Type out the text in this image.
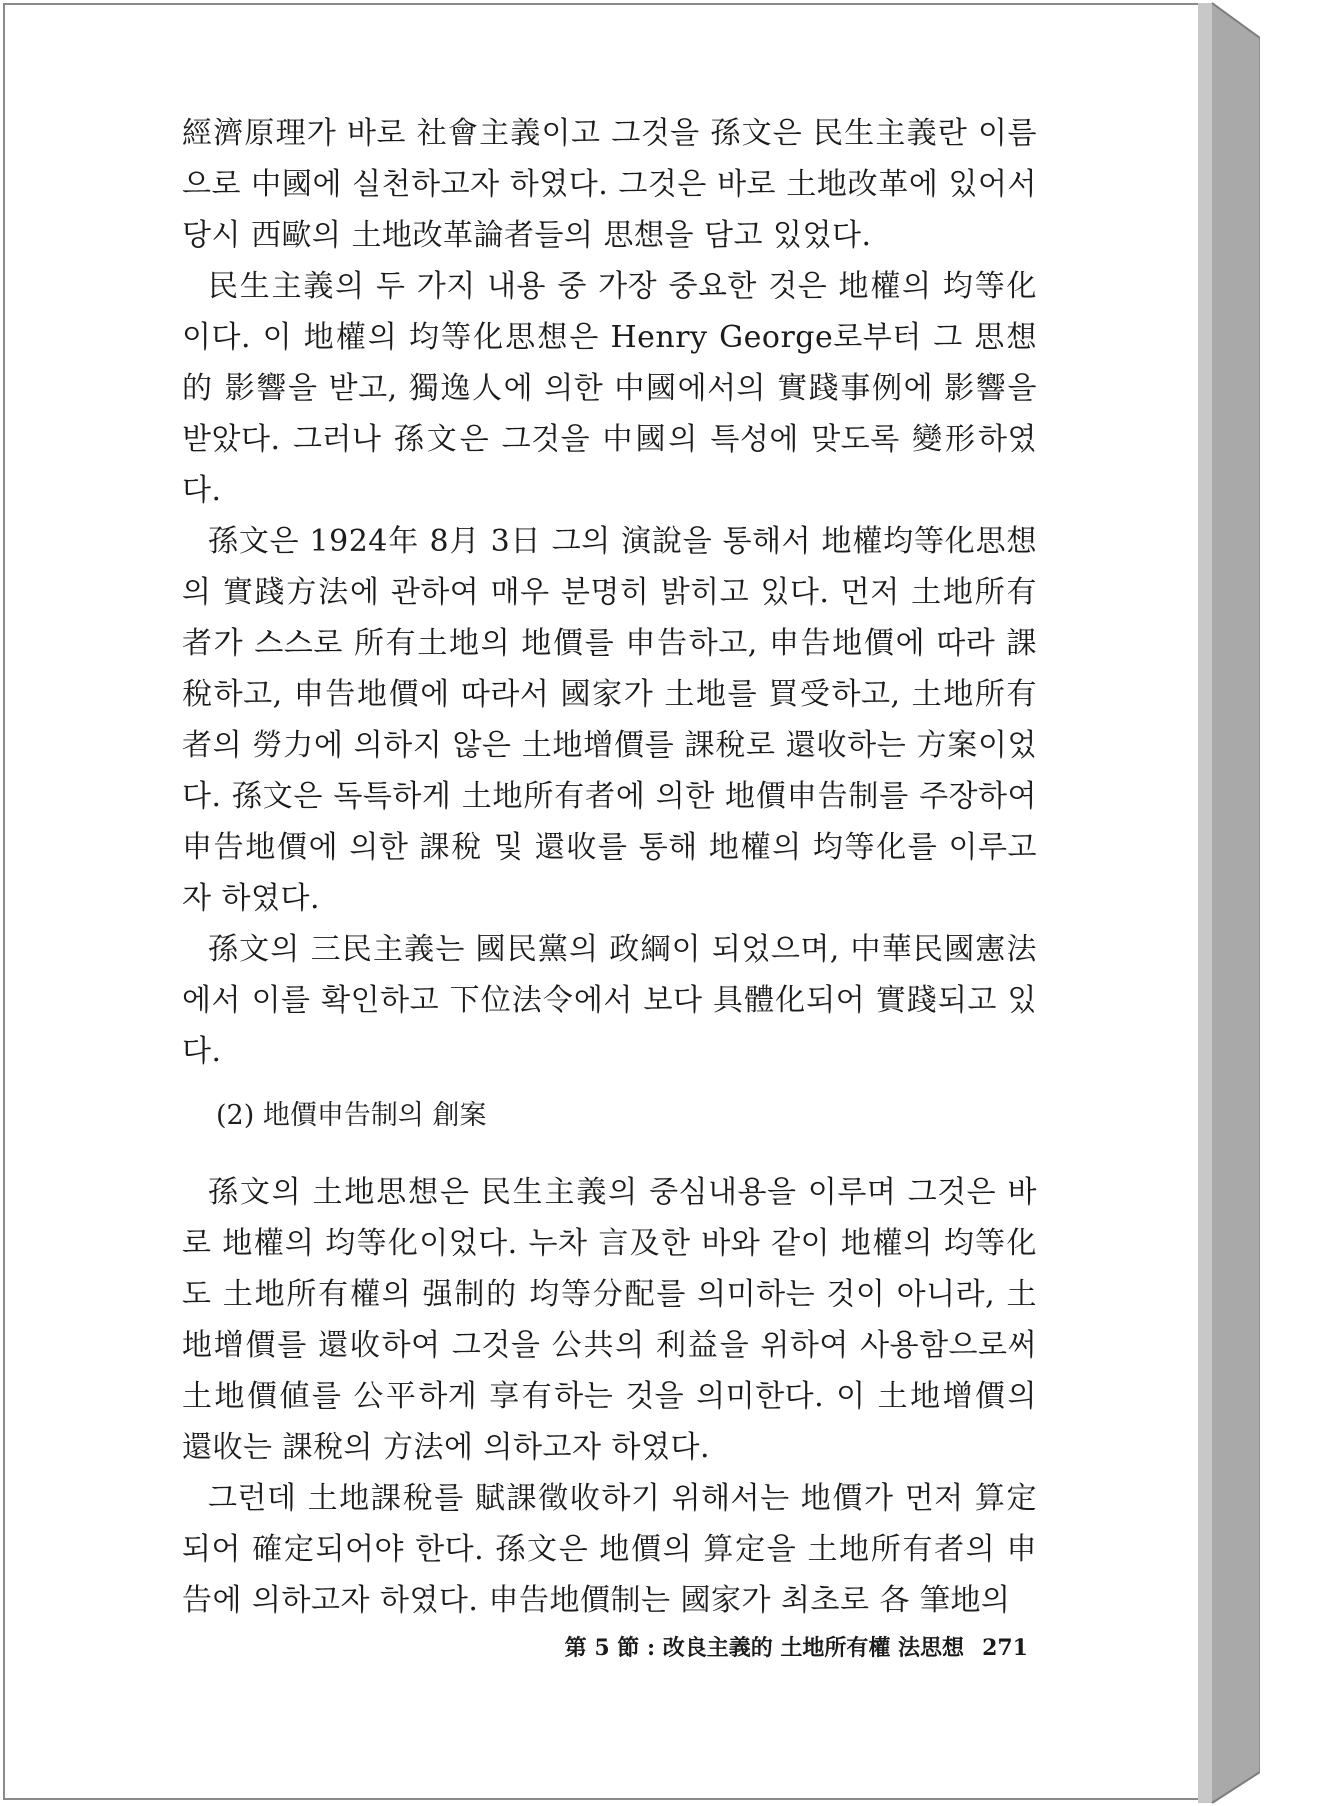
經濟原理가 바로 社會主義이고 그것을 孫文은 民生主義란 이름으로 中國에 실천하고자 하였다. 그것은 바로 土地改革에 있어서 당시 西歐의 土地改革論者들의 思想을 담고 있었다.

民生主義의 두 가지 내용 중 가장 중요한 것은 地權의 均等化이다. 이 地權의 均等化思想은 Henry George로부터 그 思想的 影響을 받고, 獨逸人에 의한 中國에서의 實踐事例에 影響을 받았다. 그러나 孫文은 그것을 中國의 특성에 맞도록 變形하였다.

孫文은 1924年 8月 3日 그의 演說을 통해서 地權均等化思想의 實踐方法에 관하여 매우 분명히 밝히고 있다. 먼저 土地所有者가 스스로 所有土地의 地價를 申告하고, 申告地價에 따라 課稅하고, 申告地價에 따라서 國家가 土地를 買受하고, 土地所有者의 勞力에 의하지 않은 土地增價를 課稅로 還收하는 方案이었다. 孫文은 독특하게 土地所有者에 의한 地價申告制를 주장하여 申告地價에 의한 課稅 및 還收를 통해 地權의 均等化를 이루고자 하였다.

孫文의 三民主義는 國民黨의 政綱이 되었으며, 中華民國憲法에서 이를 확인하고 下位法令에서 보다 具體化되어 實踐되고 있다.

(2) 地價申告制의 創案

孫文의 土地思想은 民生主義의 중심내용을 이루며 그것은 바로 地權의 均等化이었다. 누차 言及한 바와 같이 地權의 均等化도 土地所有權의 强制的 均等分配를 의미하는 것이 아니라, 土地增價를 還收하여 그것을 公共의 利益을 위하여 사용함으로써 土地價値를 公平하게 享有하는 것을 의미한다. 이 土地增價의 還收는 課稅의 方法에 의하고자 하였다.

그런데 土地課稅를 賦課徵收하기 위해서는 地價가 먼저 算定되어 確定되어야 한다. 孫文은 地價의 算定을 土地所有者의 申告에 의하고자 하였다. 申告地價制는 國家가 최초로 各 筆地의

第 5 節 : 改良主義的 土地所有權 法思想 271
